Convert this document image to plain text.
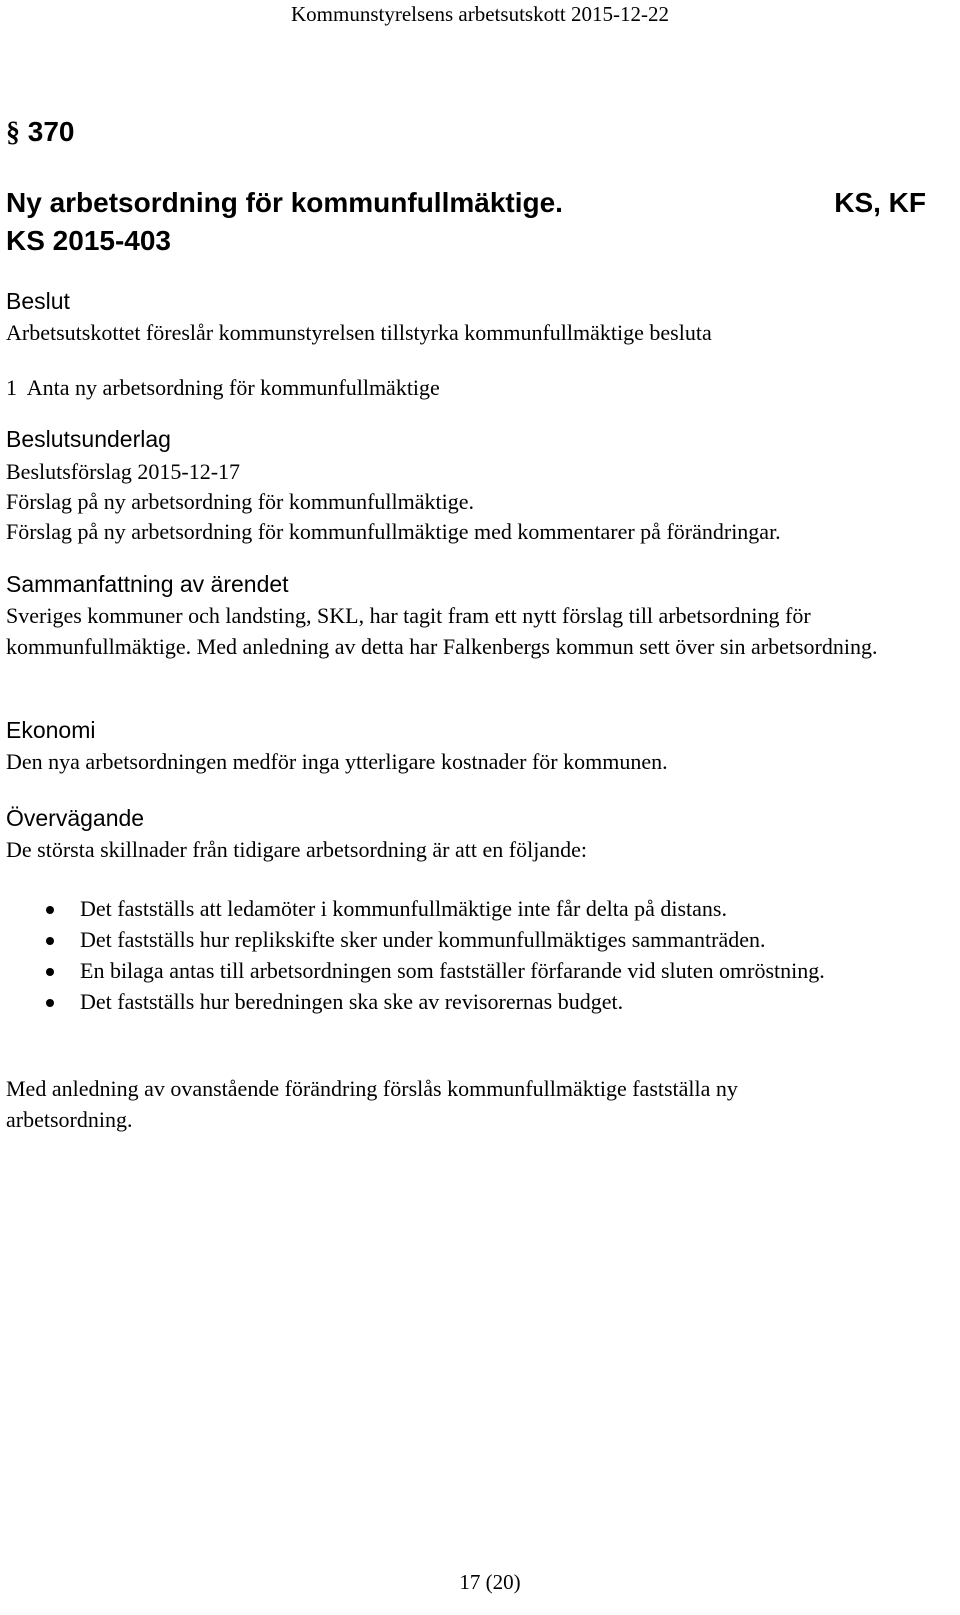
Kommunstyrelsens arbetsutskott 2015-12-22
§ 370
Ny arbetsordning för kommunfullmäktige.	KS, KF
KS 2015-403
Beslut
Arbetsutskottet föreslår kommunstyrelsen tillstyrka kommunfullmäktige besluta
1  Anta ny arbetsordning för kommunfullmäktige
Beslutsunderlag
Beslutsförslag 2015-12-17
Förslag på ny arbetsordning för kommunfullmäktige.
Förslag på ny arbetsordning för kommunfullmäktige med kommentarer på förändringar.
Sammanfattning av ärendet
Sveriges kommuner och landsting, SKL, har tagit fram ett nytt förslag till arbetsordning för kommunfullmäktige. Med anledning av detta har Falkenbergs kommun sett över sin arbetsordning.
Ekonomi
Den nya arbetsordningen medför inga ytterligare kostnader för kommunen.
Övervägande
De största skillnader från tidigare arbetsordning är att en följande:
Det fastställs att ledamöter i kommunfullmäktige inte får delta på distans.
Det fastställs hur replikskifte sker under kommunfullmäktiges sammanträden.
En bilaga antas till arbetsordningen som fastställer förfarande vid sluten omröstning.
Det fastställs hur beredningen ska ske av revisorernas budget.
Med anledning av ovanstående förändring förslås kommunfullmäktige fastställa ny arbetsordning.
17 (20)
